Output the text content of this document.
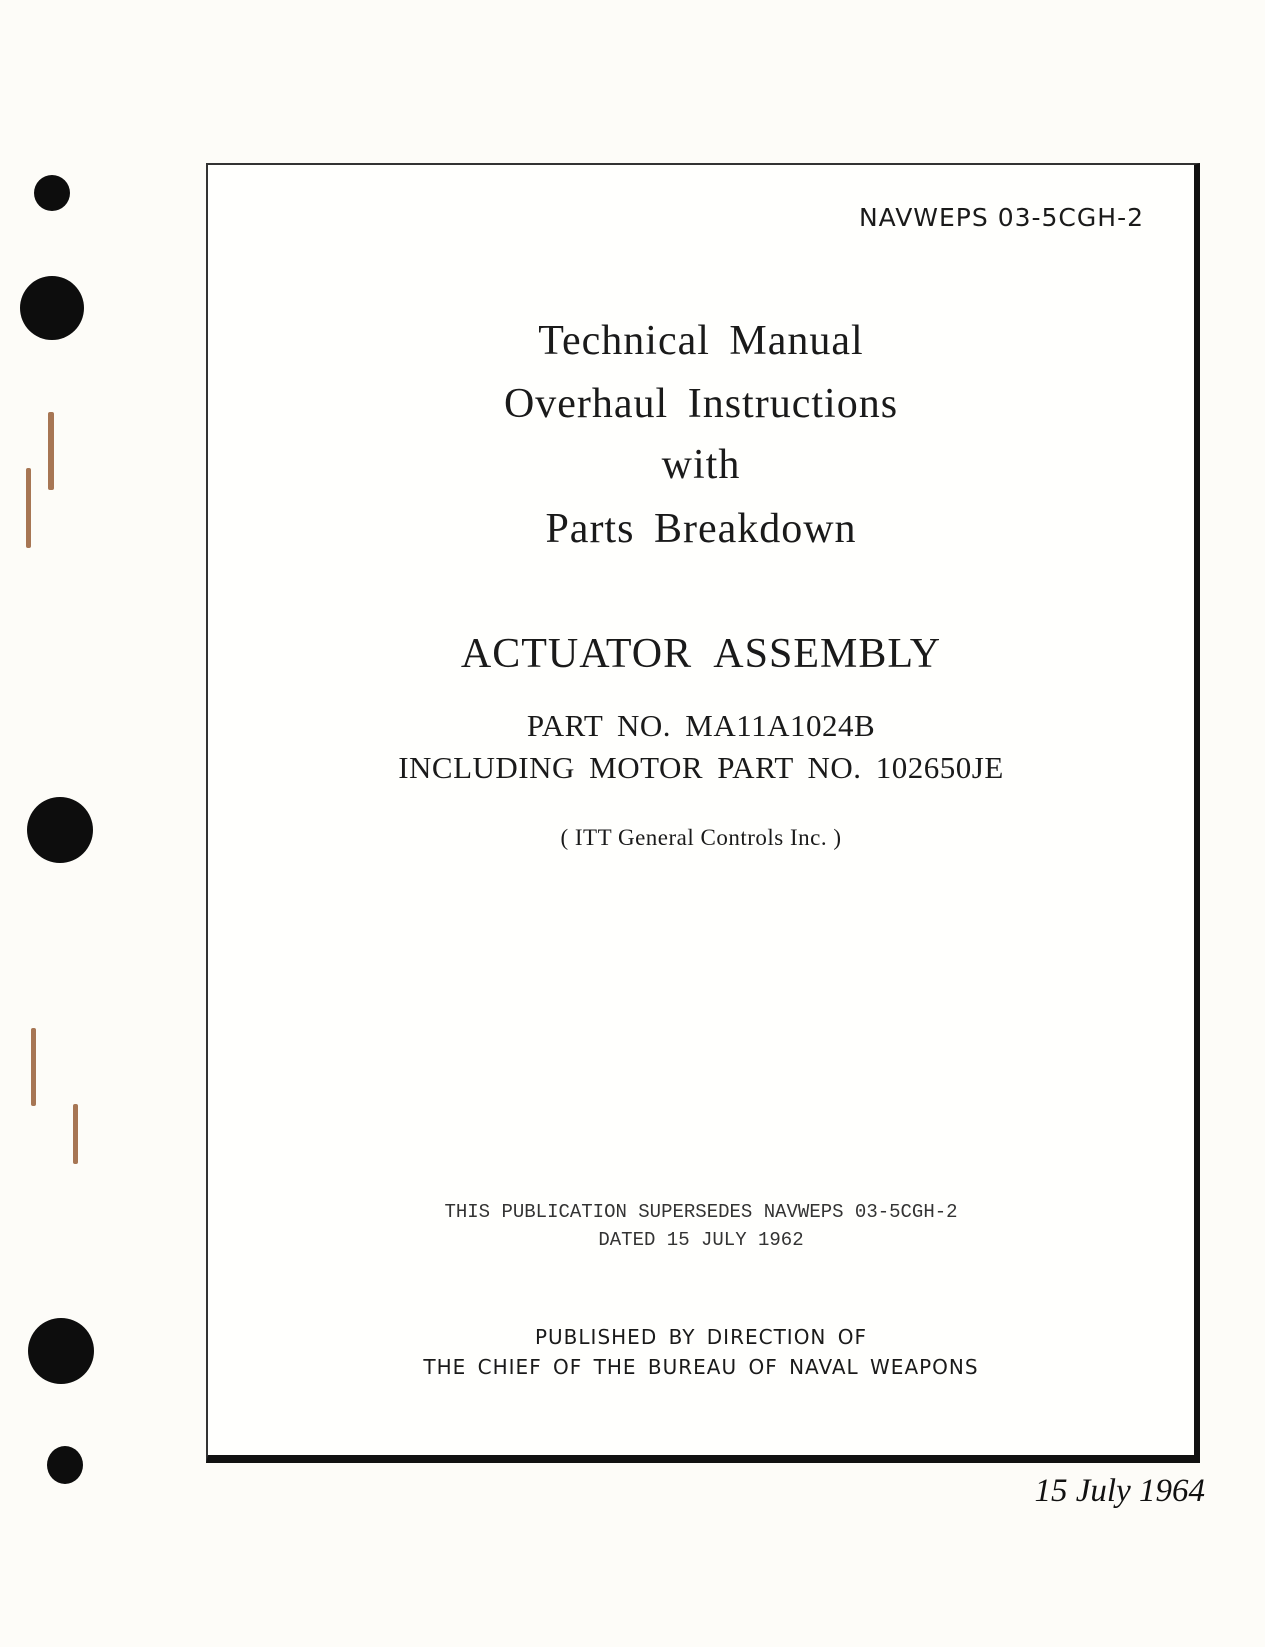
NAVWEPS 03-5CGH-2
Technical Manual
Overhaul Instructions
with
Parts Breakdown
ACTUATOR ASSEMBLY
PART NO. MA11A1024B
INCLUDING MOTOR PART NO. 102650JE
( ITT General Controls Inc. )
THIS PUBLICATION SUPERSEDES NAVWEPS 03-5CGH-2
DATED 15 JULY 1962
PUBLISHED BY DIRECTION OF
THE CHIEF OF THE BUREAU OF NAVAL WEAPONS
15 July 1964
